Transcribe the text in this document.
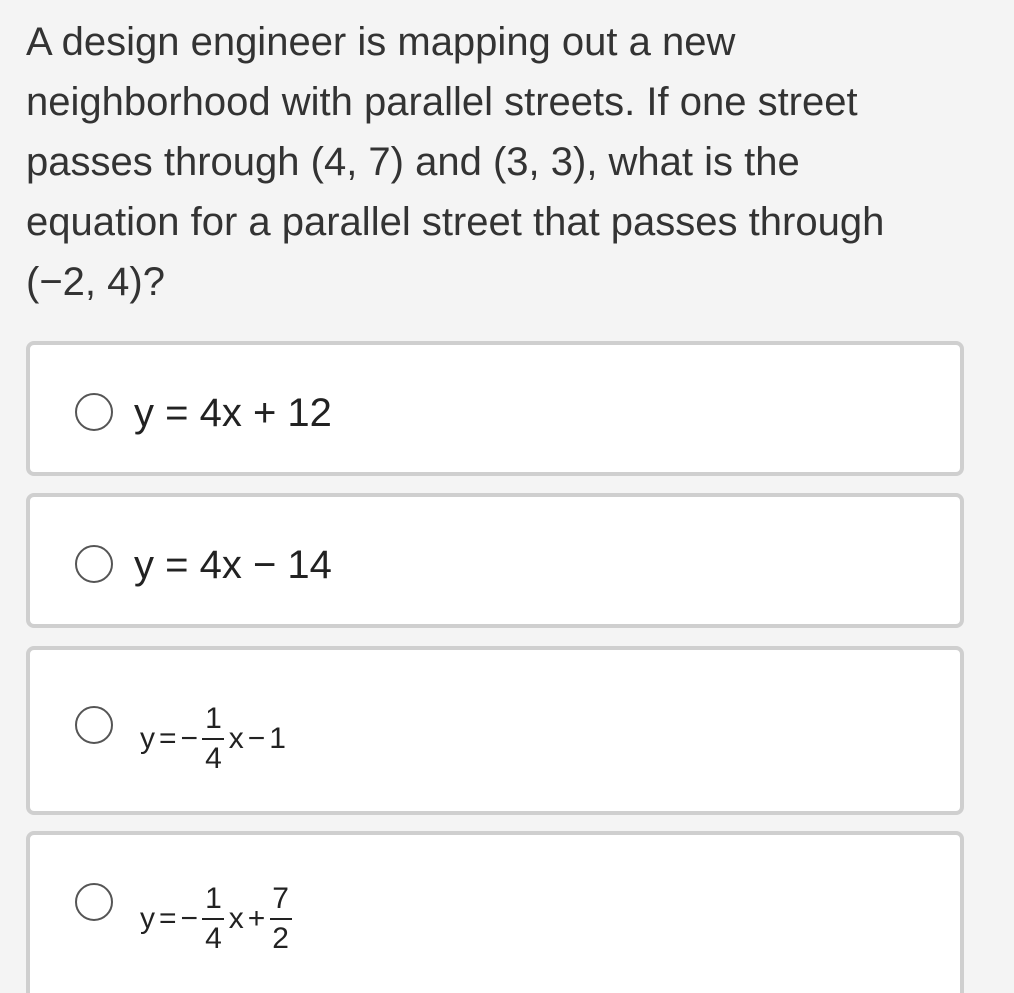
A design engineer is mapping out a new
neighborhood with parallel streets. If one street
passes through (4, 7) and (3, 3), what is the
equation for a parallel street that passes through
(−2, 4)?

y = 4x + 12
y = 4x − 14
y = − $\frac{1}{4}$ x − 1
y = − $\frac{1}{4}$ $x + \frac{7}{2}$
